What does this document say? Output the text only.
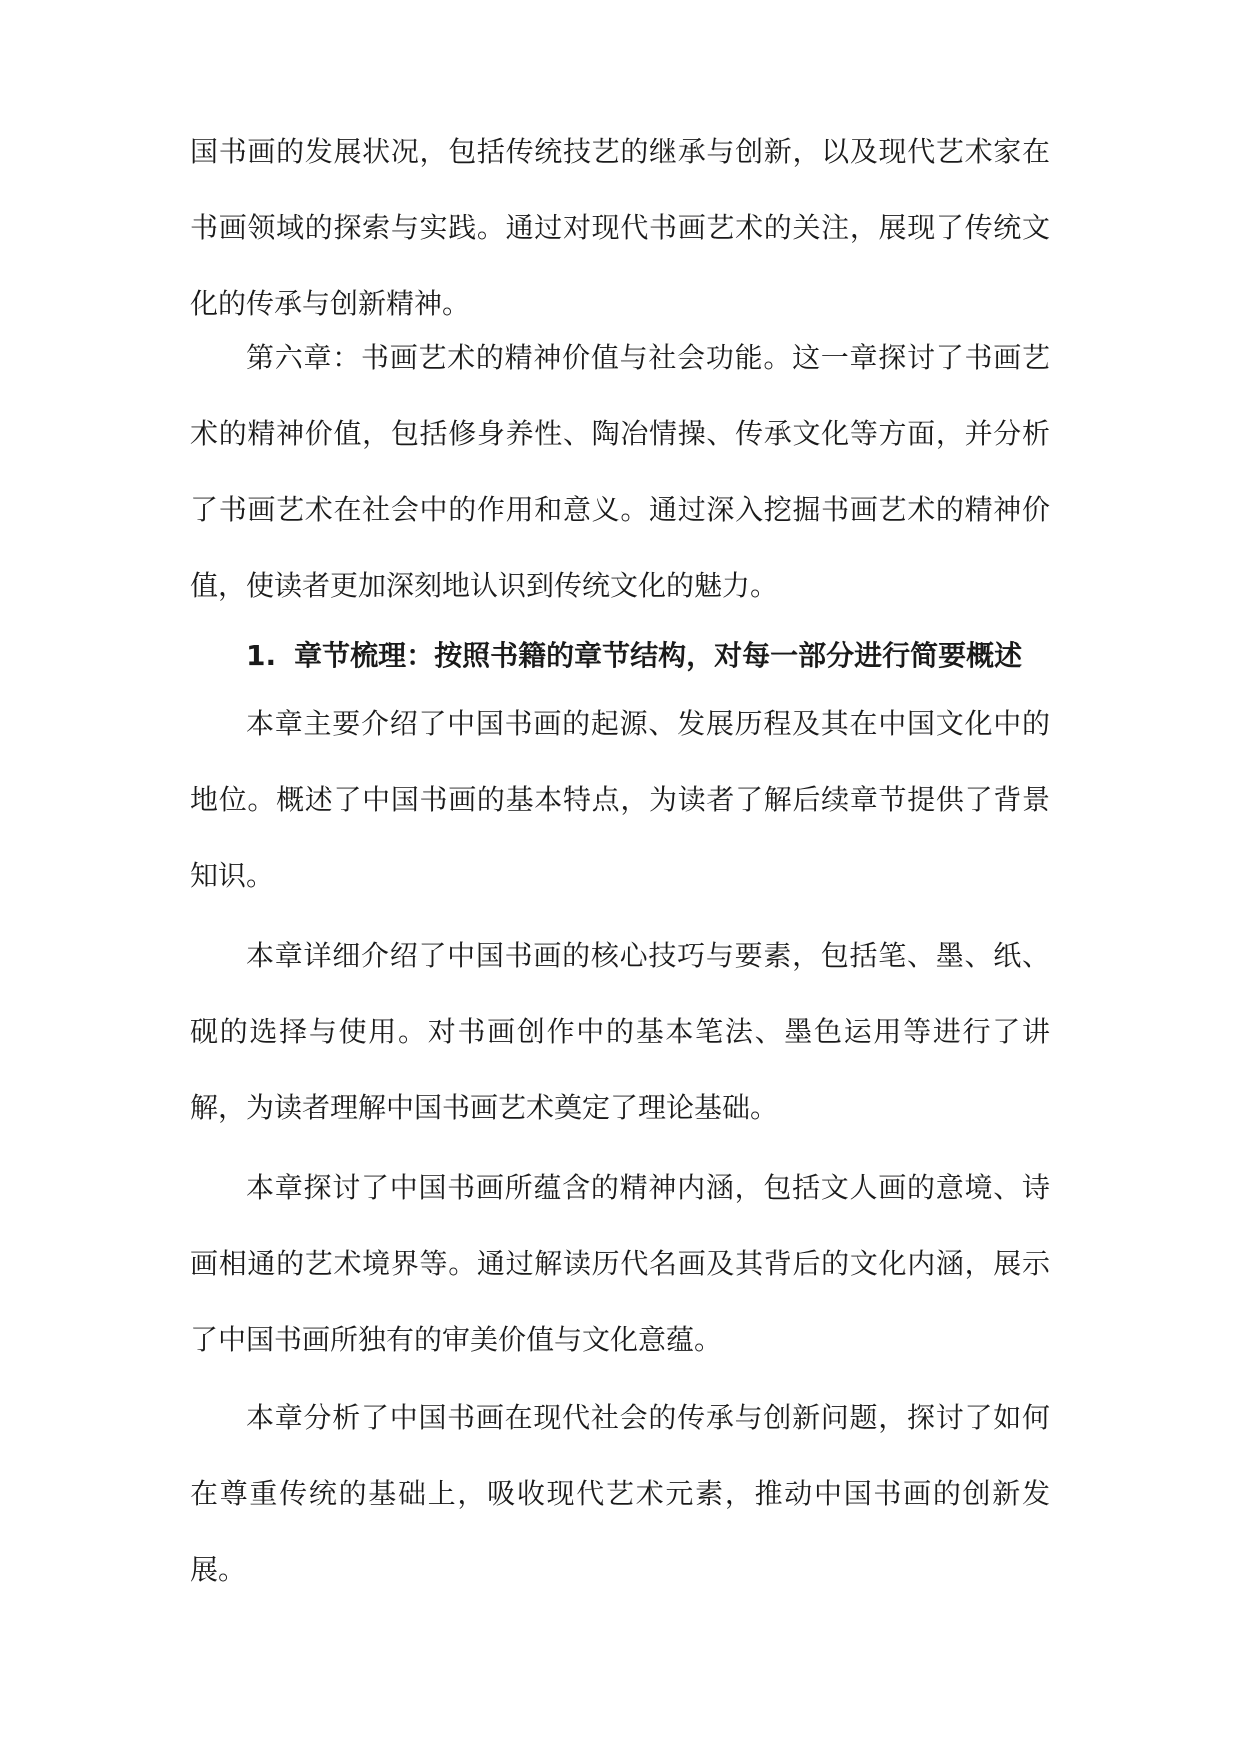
国书画的发展状况，包括传统技艺的继承与创新，以及现代艺术家在书画领域的探索与实践。通过对现代书画艺术的关注，展现了传统文化的传承与创新精神。

第六章：书画艺术的精神价值与社会功能。这一章探讨了书画艺术的精神价值，包括修身养性、陶冶情操、传承文化等方面，并分析了书画艺术在社会中的作用和意义。通过深入挖掘书画艺术的精神价值，使读者更加深刻地认识到传统文化的魅力。

1. 章节梳理：按照书籍的章节结构，对每一部分进行简要概述

本章主要介绍了中国书画的起源、发展历程及其在中国文化中的地位。概述了中国书画的基本特点，为读者了解后续章节提供了背景知识。

本章详细介绍了中国书画的核心技巧与要素，包括笔、墨、纸、砚的选择与使用。对书画创作中的基本笔法、墨色运用等进行了讲解，为读者理解中国书画艺术奠定了理论基础。

本章探讨了中国书画所蕴含的精神内涵，包括文人画的意境、诗画相通的艺术境界等。通过解读历代名画及其背后的文化内涵，展示了中国书画所独有的审美价值与文化意蕴。

本章分析了中国书画在现代社会的传承与创新问题，探讨了如何在尊重传统的基础上，吸收现代艺术元素，推动中国书画的创新发展。
